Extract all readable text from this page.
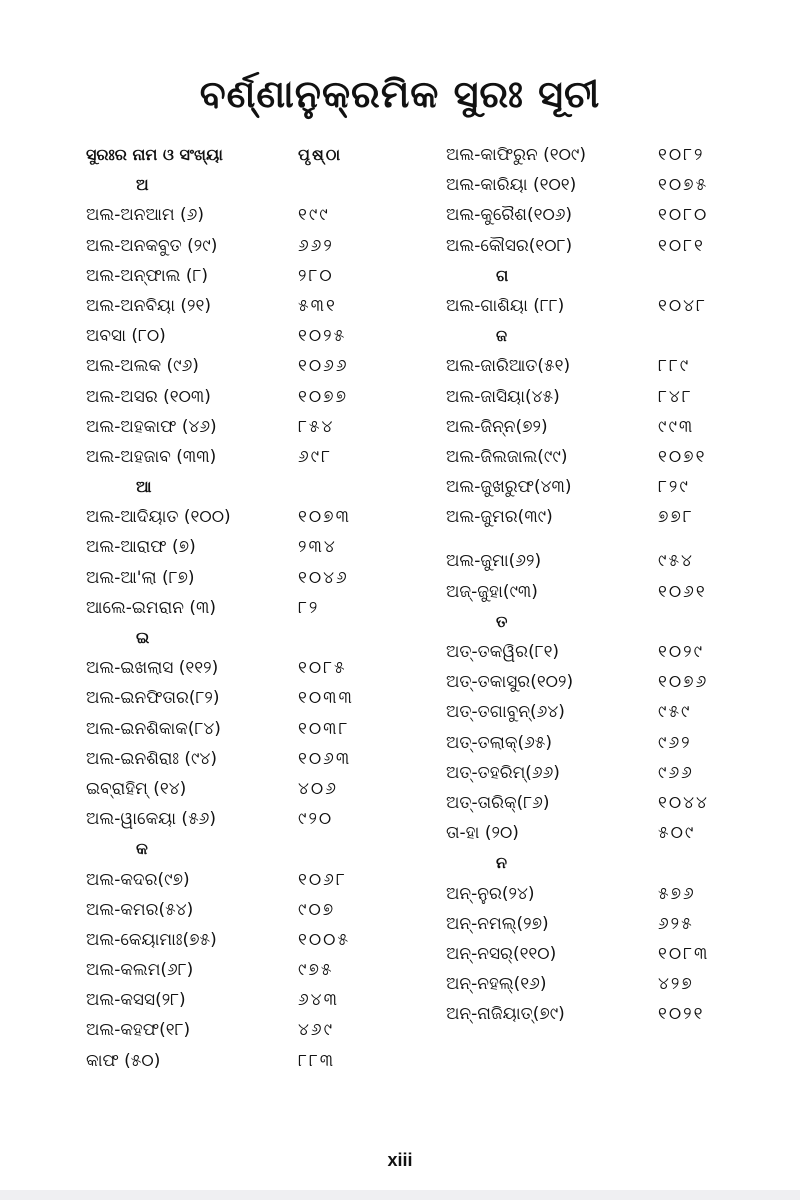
ବର୍ଣ୍ଣାନୁକ୍ରମିକ ସୁରଃ ସୂଚୀ
ସୁରଃର ନାମ ଓ ସଂଖ୍ୟା	ପୃଷ୍ଠା
ଅ
ଅଲ-ଅନଆମ (୬)	୧୯୯
ଅଲ-ଅନକବୁତ (୨୯)	୬୬୨
ଅଲ-ଅନ୍‌ଫାଲ (୮)	୨୮୦
ଅଲ-ଅନବିୟା (୨୧)	୫୩୧
ଅବସା (୮୦)	୧୦୨୫
ଅଲ-ଅଲକ (୯୬)	୧୦୬୬
ଅଲ-ଅସର (୧୦୩)	୧୦୭୭
ଅଲ-ଅହକାଫ (୪୬)	୮୫୪
ଅଲ-ଅହଜାବ (୩୩)	୬୯୮
ଆ
ଅଲ-ଆଦିୟାତ (୧୦୦)	୧୦୭୩
ଅଲ-ଆରାଫ (୭)	୨୩୪
ଅଲ-ଆ'ଲା (୮୭)	୧୦୪୬
ଆଲେ-ଇମରାନ (୩)	୮୨
ଇ
ଅଲ-ଇଖଲାସ (୧୧୨)	୧୦୮୫
ଅଲ-ଇନଫିତାର(୮୨)	୧୦୩୩
ଅଲ-ଇନଶିକାକ(୮୪)	୧୦୩୮
ଅଲ-ଇନଶିରାଃ (୯୪)	୧୦୬୩
ଇବ୍ରାହିମ୍ (୧୪)	୪୦୬
ଅଲ-ୱାକେୟା (୫୬)	୯୨୦
କ
ଅଲ-କଦର(୯୭)	୧୦୬୮
ଅଲ-କମର(୫୪)	୯୦୭
ଅଲ-କେୟାମାଃ(୭୫)	୧୦୦୫
ଅଲ-କଲମ(୬୮)	୯୭୫
ଅଲ-କସସ(୨୮)	୬୪୩
ଅଲ-କହଫ(୧୮)	୪୬୯
କାଫ (୫୦)	୮୮୩
ଅଲ-କାଫିରୁନ (୧୦୯)	୧୦୮୨
ଅଲ-କାରିୟା (୧୦୧)	୧୦୭୫
ଅଲ-କୁରୈଶ(୧୦୬)	୧୦୮୦
ଅଲ-କୌସର(୧୦୮)	୧୦୮୧
ଗ
ଅଲ-ଗାଶିୟା (୮୮)	୧୦୪୮
ଜ
ଅଲ-ଜାରିଆତ(୫୧)	୮୮୯
ଅଲ-ଜାସିୟା(୪୫)	୮୪୮
ଅଲ-ଜିନ୍ନ(୭୨)	୯୯୩
ଅଲ-ଜିଲଜାଲ(୯୯)	୧୦୭୧
ଅଲ-ଜୁଖରୁଫ(୪୩)	୮୨୯
ଅଲ-ଜୁମର(୩୯)	୭୭୮
ଅଲ-ଜୁମା(୬୨)	୯୫୪
ଅଜ୍-ଜୁହା(୯୩)	୧୦୬୧
ତ
ଅତ୍-ତକୱିର(୮୧)	୧୦୨୯
ଅତ୍-ତକାସୁର(୧୦୨)	୧୦୭୬
ଅତ୍-ତଗାବୁନ୍(୬୪)	୯୫୯
ଅତ୍-ତଲାକ୍(୬୫)	୯୬୨
ଅତ୍-ତହରିମ୍(୬୬)	୯୬୬
ଅତ୍-ତାରିକ୍(୮୬)	୧୦୪୪
ତା-ହା (୨୦)	୫୦୯
ନ
ଅନ୍-ନୁର(୨୪)	୫୭୬
ଅନ୍-ନମଲ୍(୨୭)	୬୨୫
ଅନ୍-ନସର୍(୧୧୦)	୧୦୮୩
ଅନ୍-ନହଲ୍(୧୬)	୪୨୭
ଅନ୍-ନାଜିୟାତ୍(୭୯)	୧୦୨୧
xiii
